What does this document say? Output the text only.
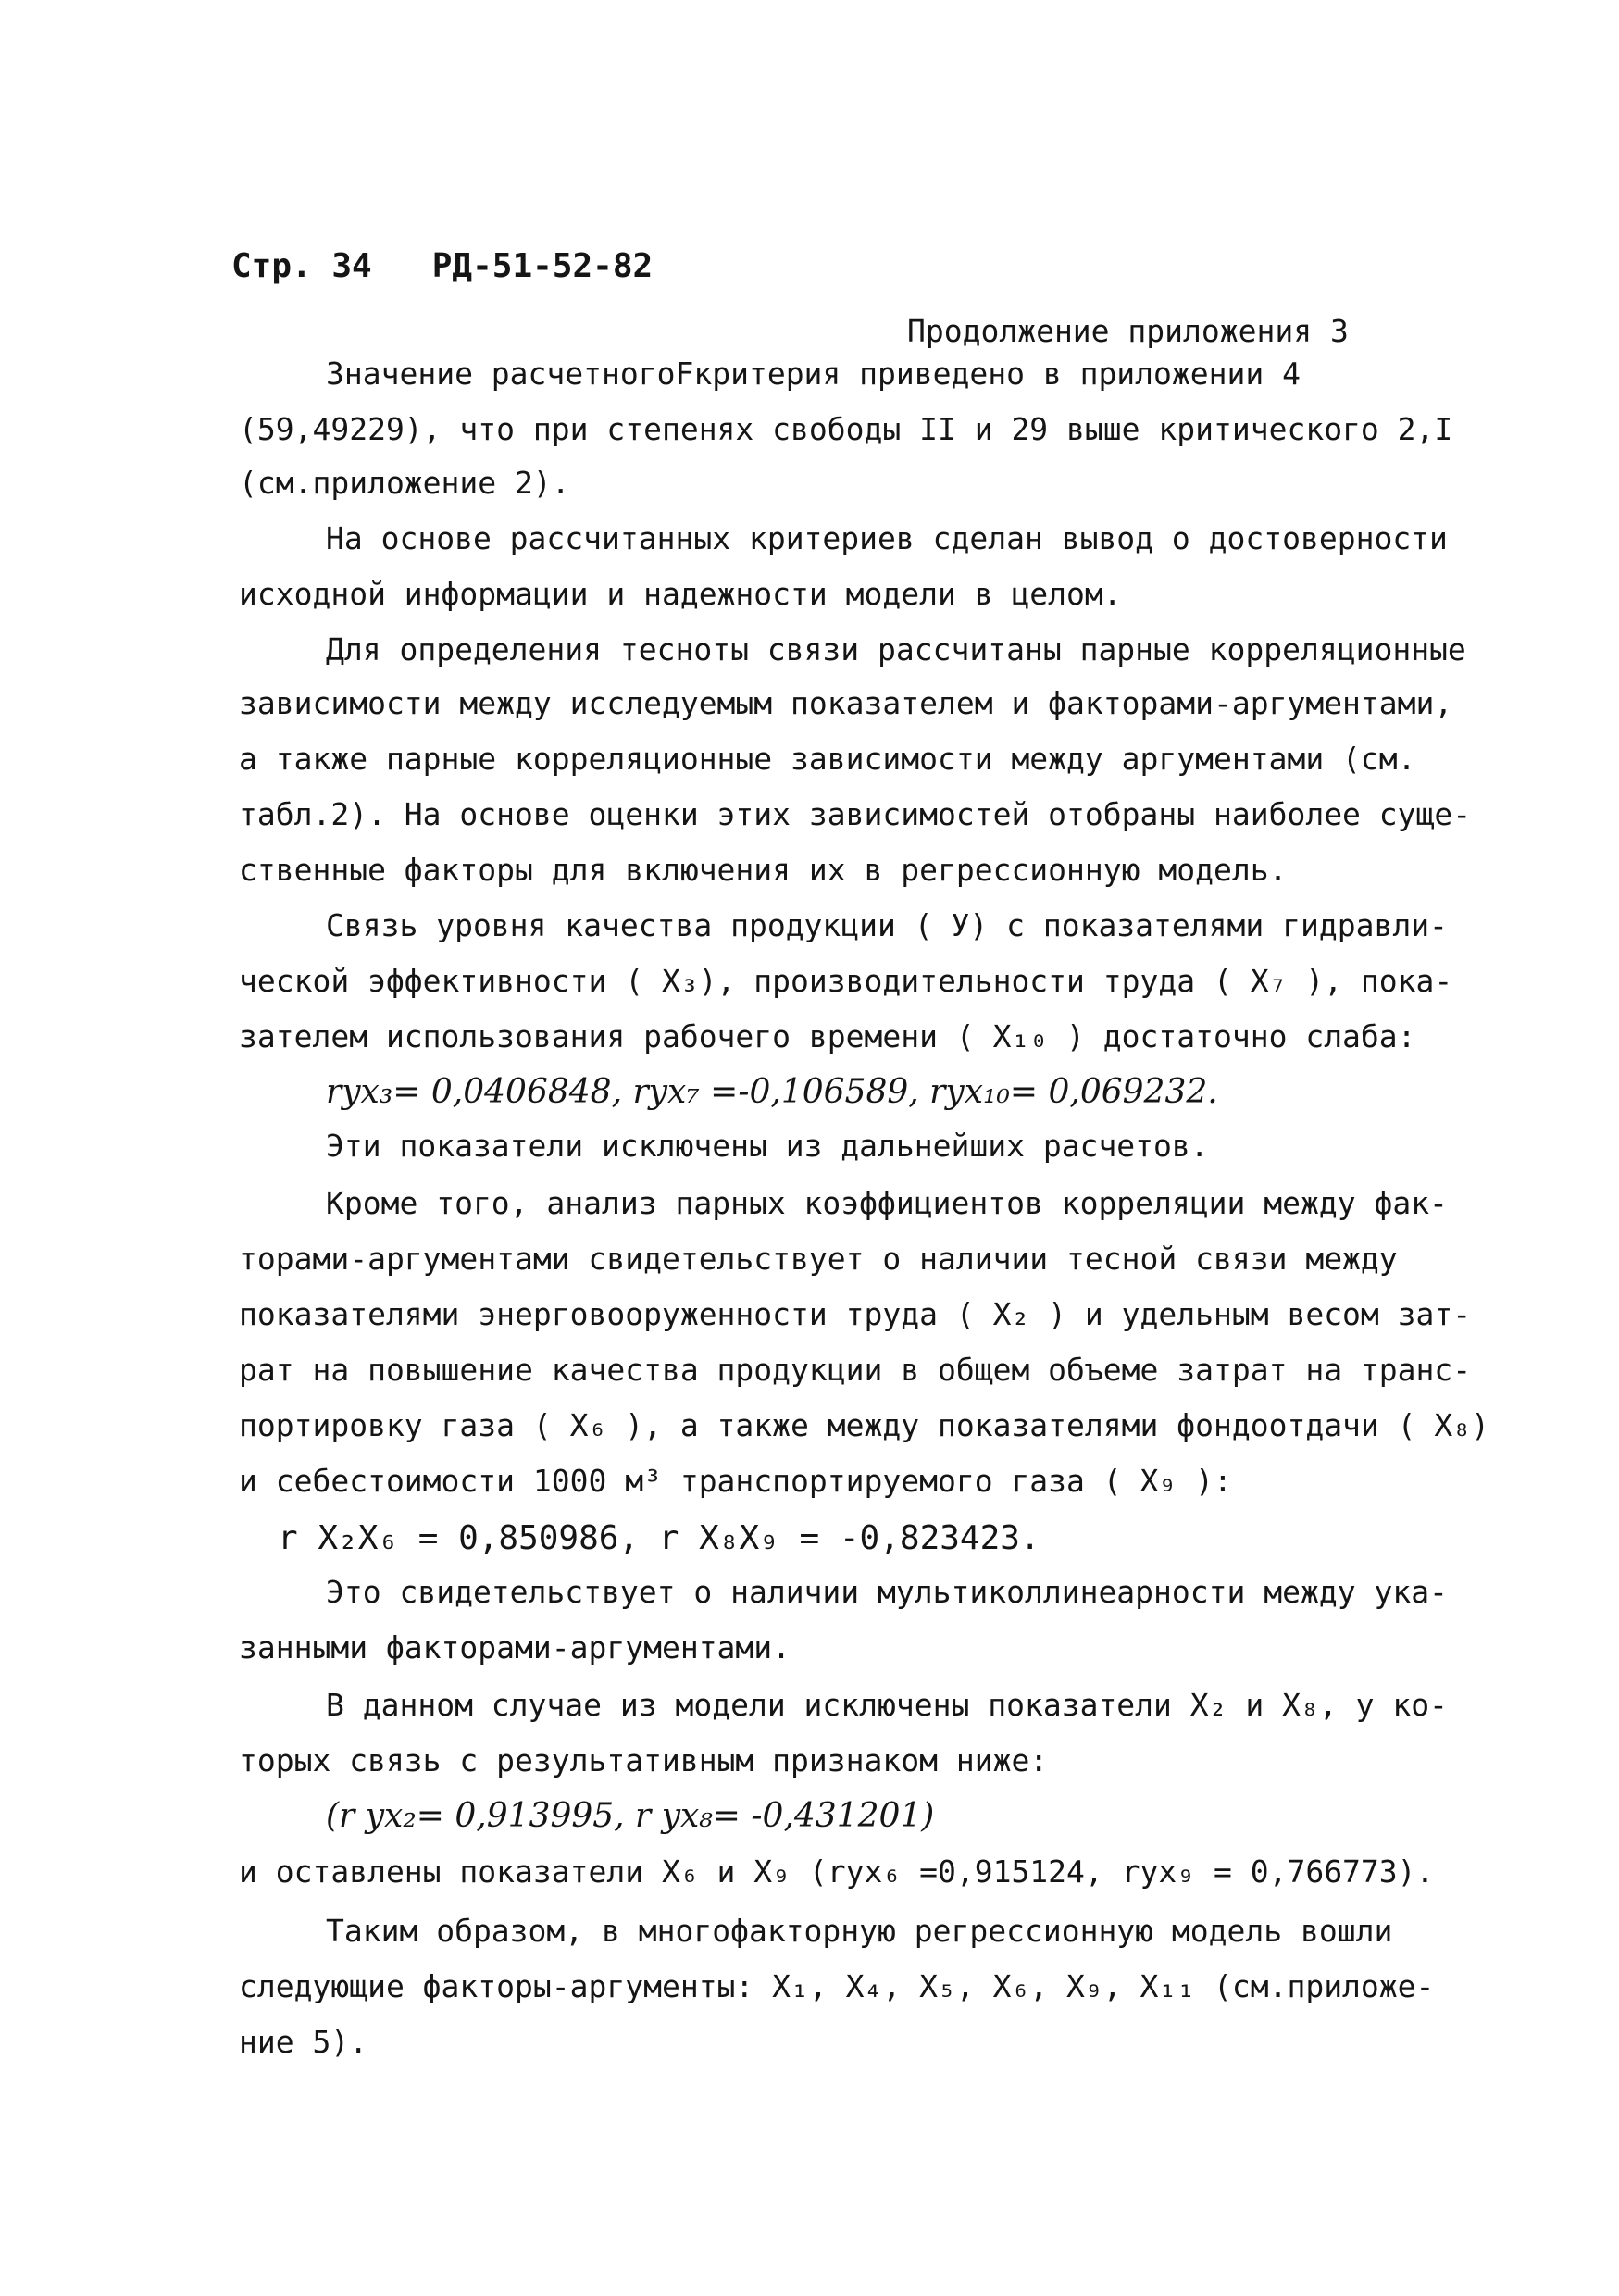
Стр. 34 РД-51-52-82

Продолжение приложения 3

Значение расчетногоFкритерия приведено в приложении 4

(59,49229), что при степенях свободы II и 29 выше критического 2,I

(см.приложение 2).

На основе рассчитанных критериев сделан вывод о достоверности

исходной информации и надежности модели в целом.

Для определения тесноты связи рассчитаны парные корреляционные

зависимости между исследуемым показателем и факторами-аргументами,

а также парные корреляционные зависимости между аргументами (см.

табл.2). На основе оценки этих зависимостей отобраны наиболее суще-

ственные факторы для включения их в регрессионную модель.

Связь уровня качества продукции ( У) с показателями гидравли-

ческой эффективности ( X₃), производительности труда ( X₇ ), пока-

зателем использования рабочего времени ( X₁₀ ) достаточно слаба:

ryx₃= 0,0406848, ryx₇ =-0,106589, ryx₁₀= 0,069232.

Эти показатели исключены из дальнейших расчетов.

Кроме того, анализ парных коэффициентов корреляции между фак-

торами-аргументами свидетельствует о наличии тесной связи между

показателями энерговооруженности труда ( X₂ ) и удельным весом зат-

рат на повышение качества продукции в общем объеме затрат на транс-

портировку газа ( X₆ ), а также между показателями фондоотдачи ( X₈)

и себестоимости 1000 м³ транспортируемого газа ( X₉ ):

r X₂X₆ = 0,850986, r X₈X₉ = -0,823423.

Это свидетельствует о наличии мультиколлинеарности между ука-

занными факторами-аргументами.

В данном случае из модели исключены показатели X₂ и X₈, у ко-

торых связь с результативным признаком ниже:

(r yx₂= 0,913995, r yx₈= -0,431201)

и оставлены показатели X₆ и X₉ (ryx₆ =0,915124, ryx₉ = 0,766773).

Таким образом, в многофакторную регрессионную модель вошли

следующие факторы-аргументы: X₁, X₄, X₅, X₆, X₉, X₁₁ (см.приложе-

ние 5).
